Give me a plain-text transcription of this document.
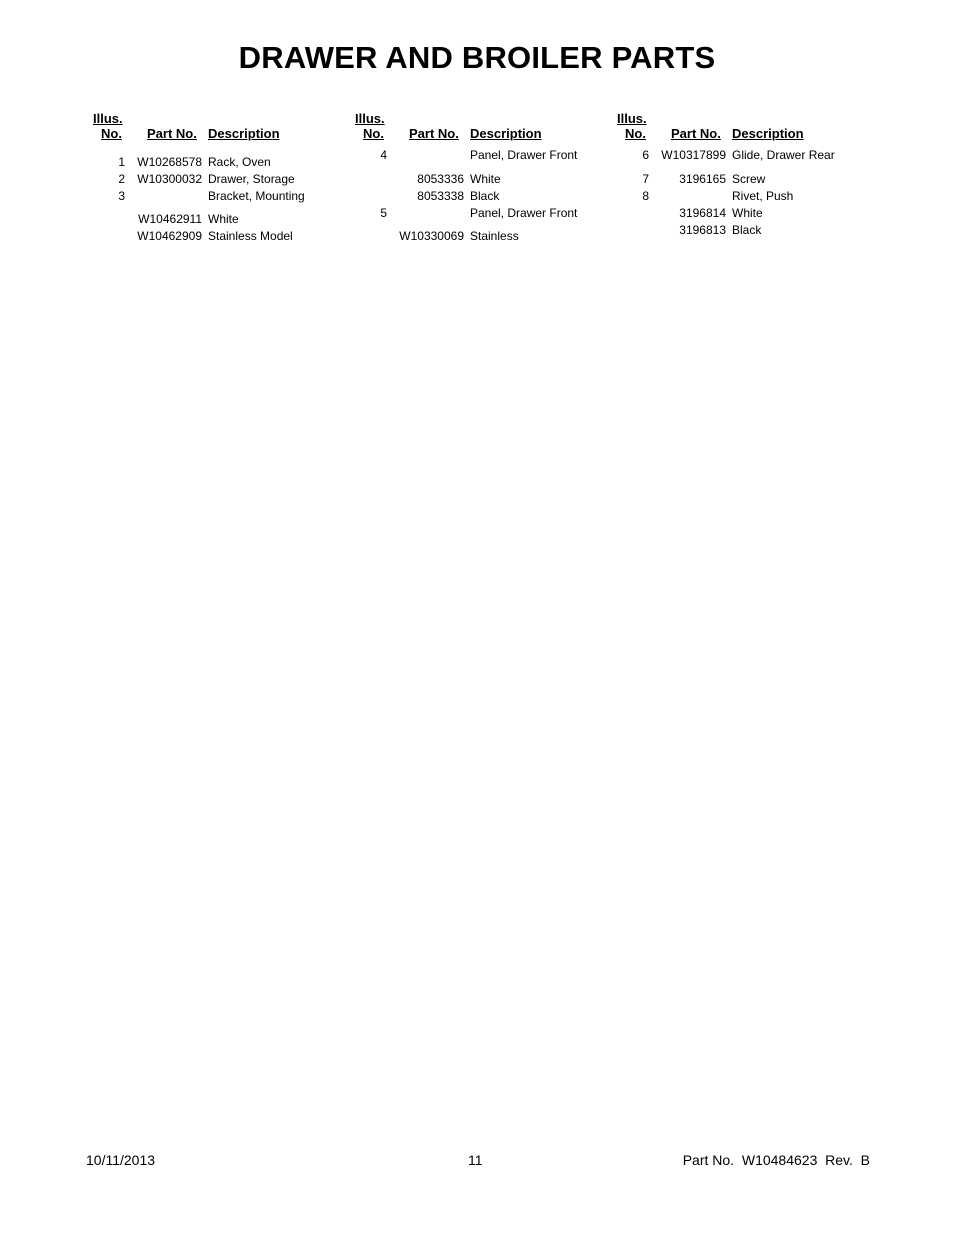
DRAWER AND BROILER PARTS
Illus.
No. Part No. Description
1	W10268578 Rack, Oven
2	W10300032 Drawer, Storage
3	Bracket, Mounting
W10462911 White
W10462909 Stainless Model
Illus.
No. Part No. Description
4	Panel, Drawer Front
8053336 White
8053338 Black
5	Panel, Drawer Front
W10330069 Stainless
Illus.
No. Part No. Description
6	W10317899 Glide, Drawer Rear
7	3196165 Screw
8	Rivet, Push
3196814 White
3196813 Black
10/11/2013	11	Part No.  W10484623  Rev.  B
